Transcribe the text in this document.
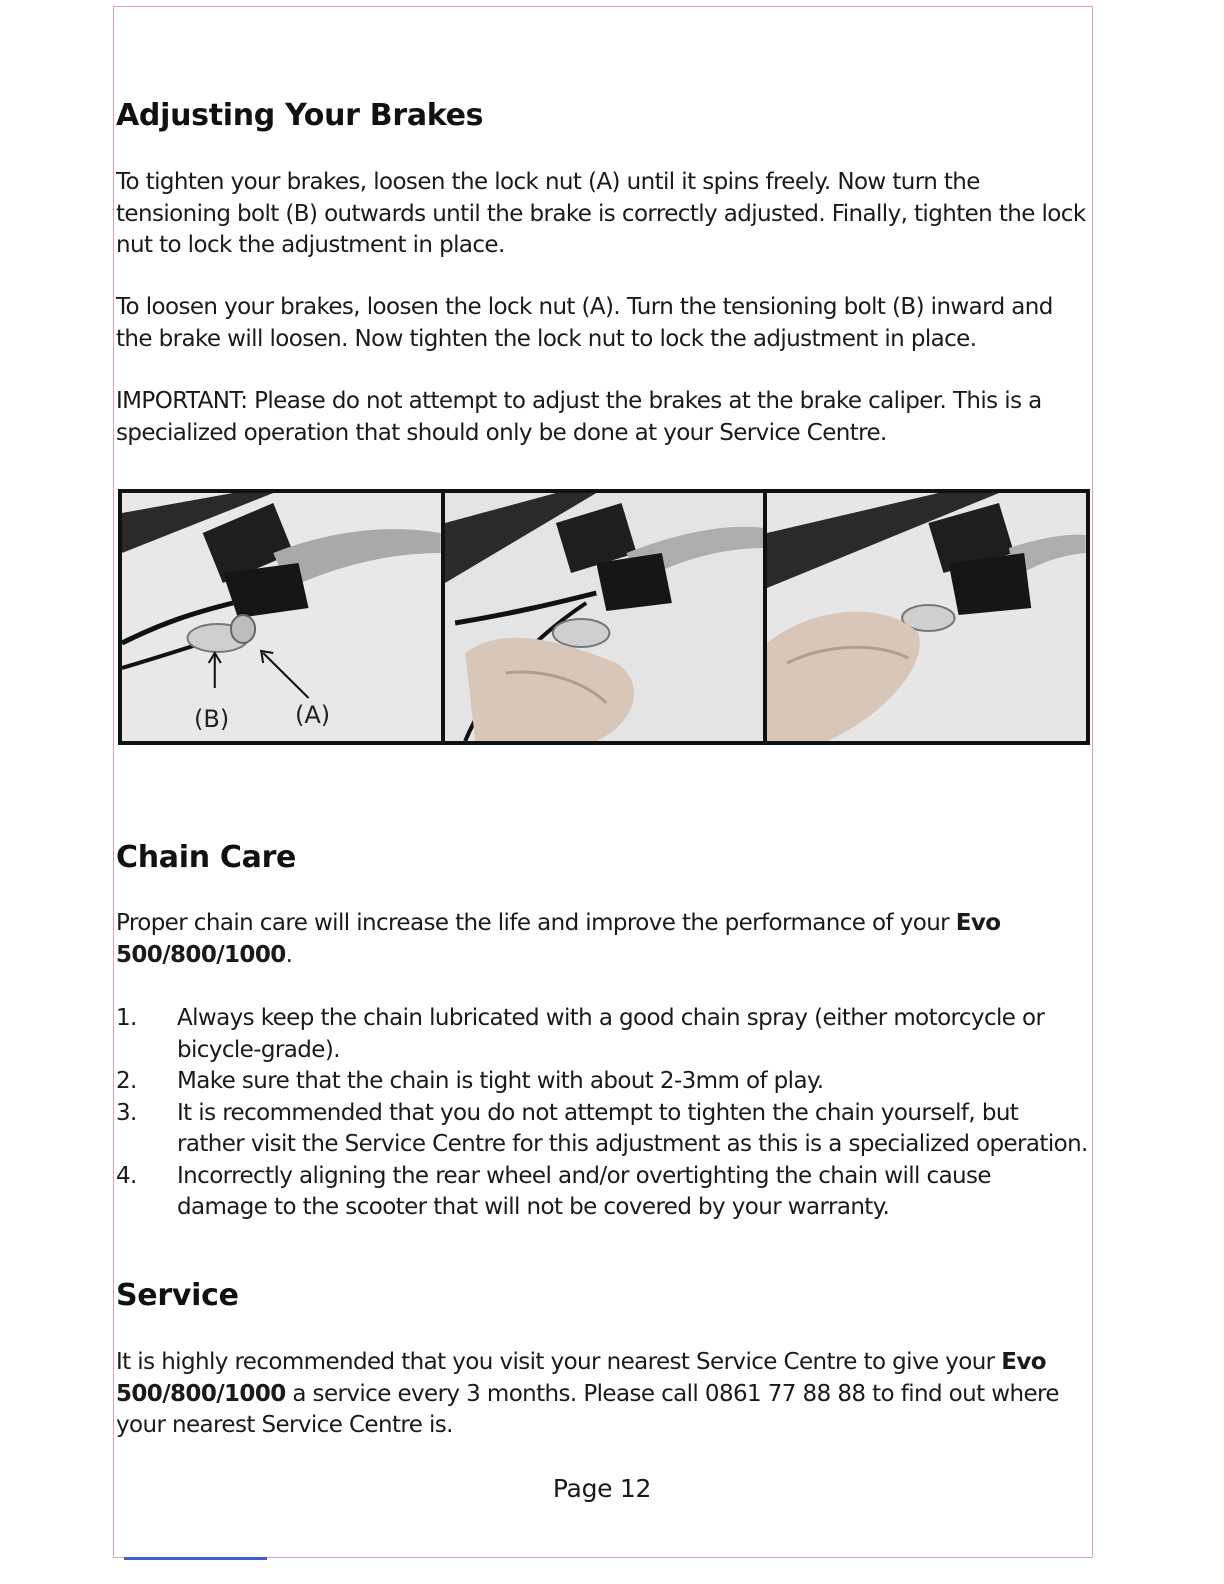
Adjusting Your Brakes

To tighten your brakes, loosen the lock nut (A) until it spins freely. Now turn the tensioning bolt (B) outwards until the brake is correctly adjusted. Finally, tighten the lock nut to lock the adjustment in place.

To loosen your brakes, loosen the lock nut (A). Turn the tensioning bolt (B) inward and the brake will loosen. Now tighten the lock nut to lock the adjustment in place.

IMPORTANT: Please do not attempt to adjust the brakes at the brake caliper. This is a specialized operation that should only be done at your Service Centre.

(B)	(A)
Chain Care

Proper chain care will increase the life and improve the performance of your Evo 500/800/1000.

1. Always keep the chain lubricated with a good chain spray (either motorcycle or bicycle-grade).
2. Make sure that the chain is tight with about 2-3mm of play.
3. It is recommended that you do not attempt to tighten the chain yourself, but rather visit the Service Centre for this adjustment as this is a specialized operation.
4. Incorrectly aligning the rear wheel and/or overtighting the chain will cause damage to the scooter that will not be covered by your warranty.
Service

It is highly recommended that you visit your nearest Service Centre to give your Evo 500/800/1000 a service every 3 months. Please call 0861 77 88 88 to find out where your nearest Service Centre is.

Page 12
